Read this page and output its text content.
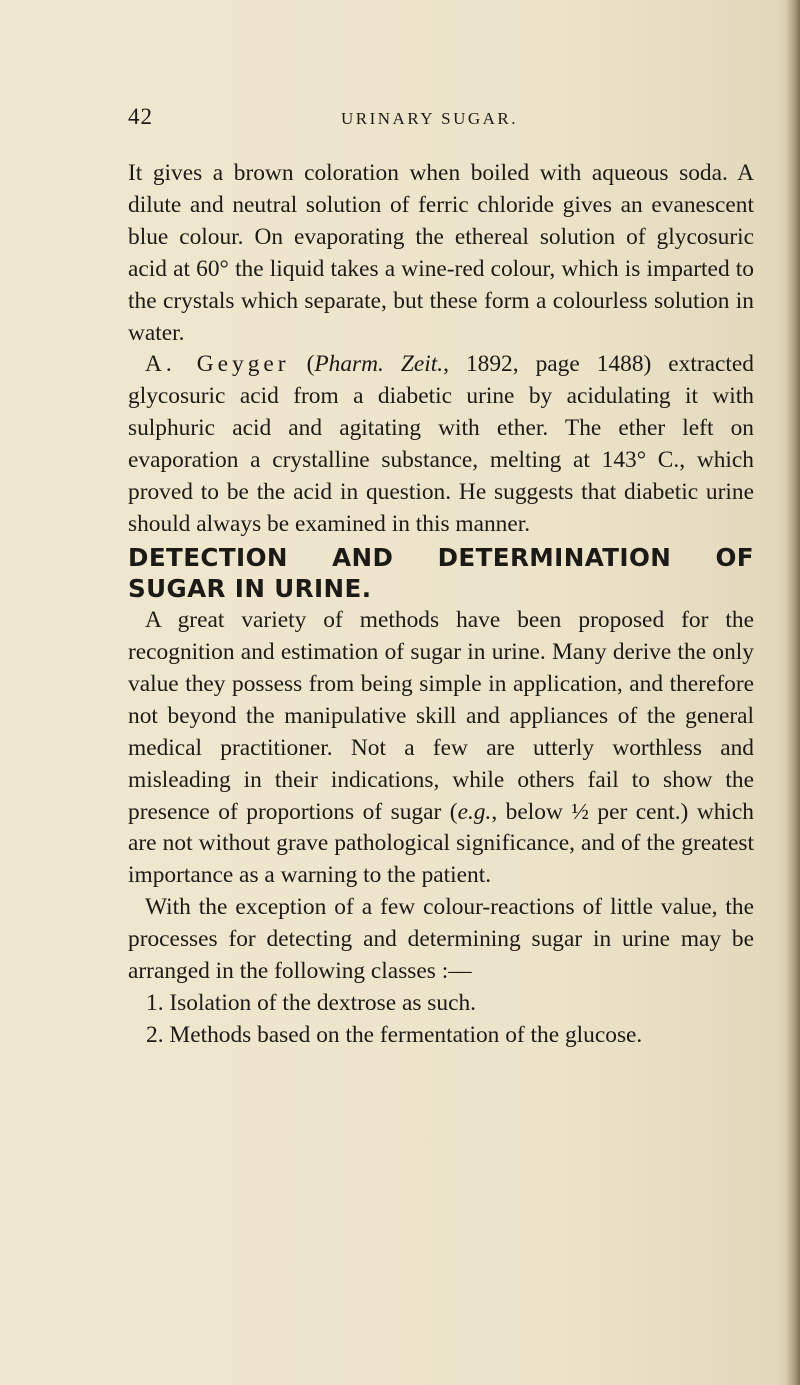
42	URINARY SUGAR.

It gives a brown coloration when boiled with aqueous soda. A dilute and neutral solution of ferric chloride gives an evanescent blue colour. On evaporating the ethereal solution of glycosuric acid at 60° the liquid takes a wine-red colour, which is imparted to the crystals which separate, but these form a colourless solution in water.

A. Geyger (Pharm. Zeit., 1892, page 1488) extracted glycosuric acid from a diabetic urine by acidulating it with sulphuric acid and agitating with ether. The ether left on evaporation a crystalline substance, melting at 143° C., which proved to be the acid in question. He suggests that diabetic urine should always be examined in this manner.

DETECTION AND DETERMINATION OF SUGAR IN URINE.

A great variety of methods have been proposed for the recognition and estimation of sugar in urine. Many derive the only value they possess from being simple in application, and therefore not beyond the manipulative skill and appliances of the general medical practitioner. Not a few are utterly worthless and misleading in their indications, while others fail to show the presence of proportions of sugar (e.g., below ½ per cent.) which are not without grave pathological significance, and of the greatest importance as a warning to the patient.

With the exception of a few colour-reactions of little value, the processes for detecting and determining sugar in urine may be arranged in the following classes :—

1. Isolation of the dextrose as such.

2. Methods based on the fermentation of the glucose.
